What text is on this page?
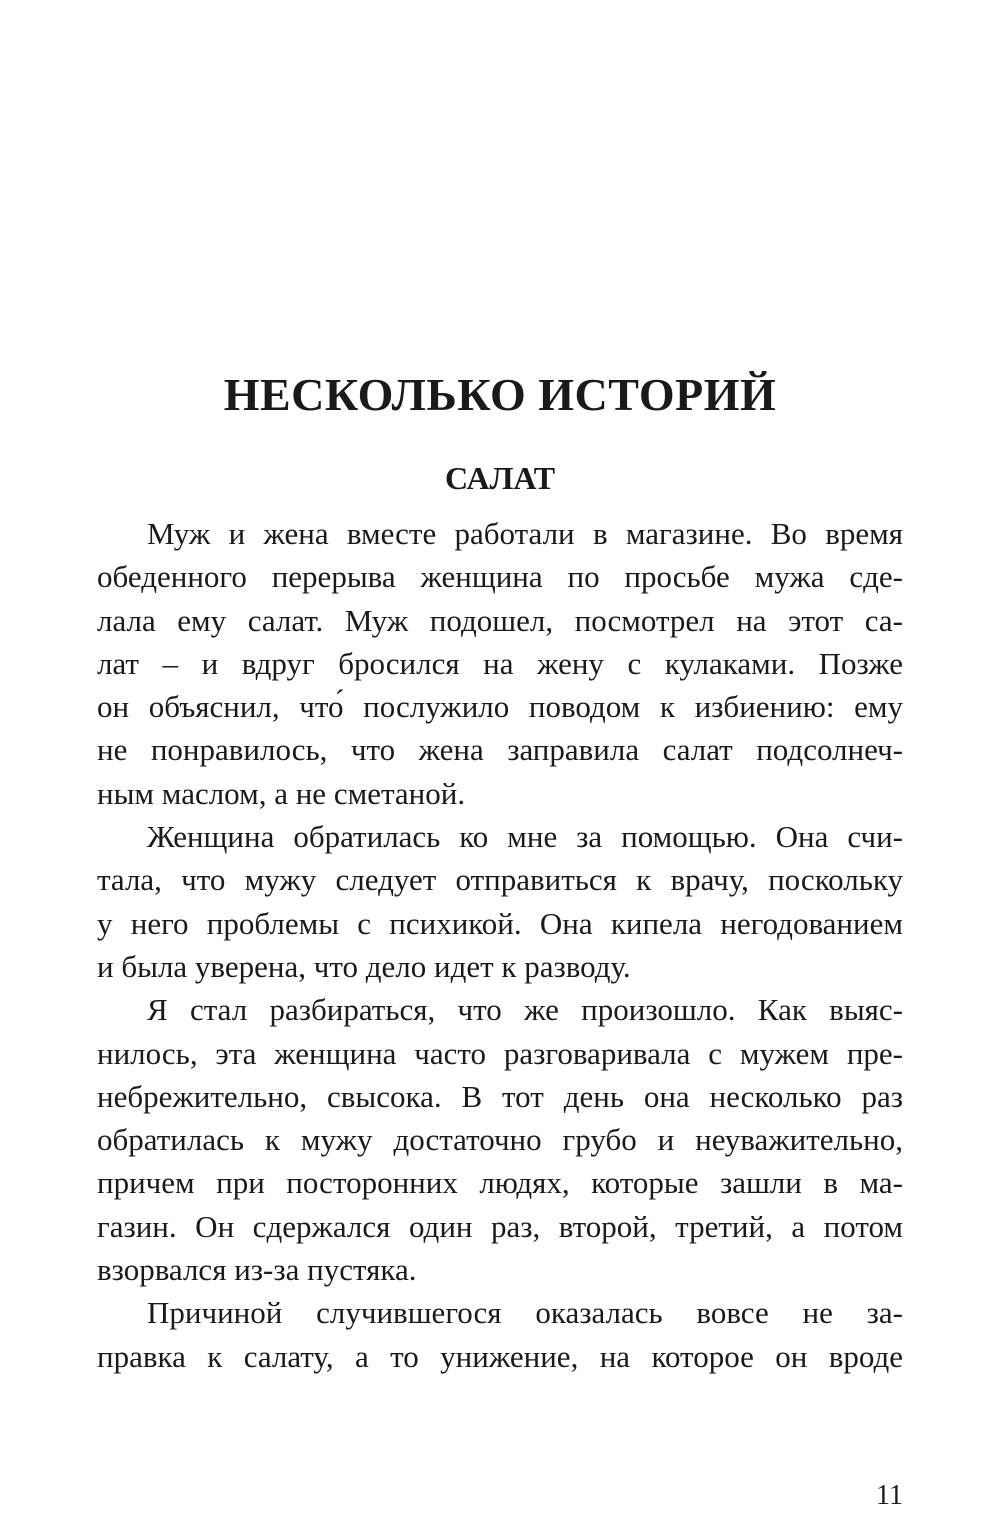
НЕСКОЛЬКО ИСТОРИЙ
САЛАТ
Муж и жена вместе работали в магазине. Во время
обеденного перерыва женщина по просьбе мужа сде-
лала ему салат. Муж подошел, посмотрел на этот са-
лат – и вдруг бросился на жену с кулаками. Позже
он объяснил, что́ послужило поводом к избиению: ему
не понравилось, что жена заправила салат подсолнеч-
ным маслом, а не сметаной.
Женщина обратилась ко мне за помощью. Она счи-
тала, что мужу следует отправиться к врачу, поскольку
у него проблемы с психикой. Она кипела негодованием
и была уверена, что дело идет к разводу.
Я стал разбираться, что же произошло. Как выяс-
нилось, эта женщина часто разговаривала с мужем пре-
небрежительно, свысока. В тот день она несколько раз
обратилась к мужу достаточно грубо и неуважительно,
причем при посторонних людях, которые зашли в ма-
газин. Он сдержался один раз, второй, третий, а потом
взорвался из-за пустяка.
Причиной случившегося оказалась вовсе не за-
правка к салату, а то унижение, на которое он вроде
11
